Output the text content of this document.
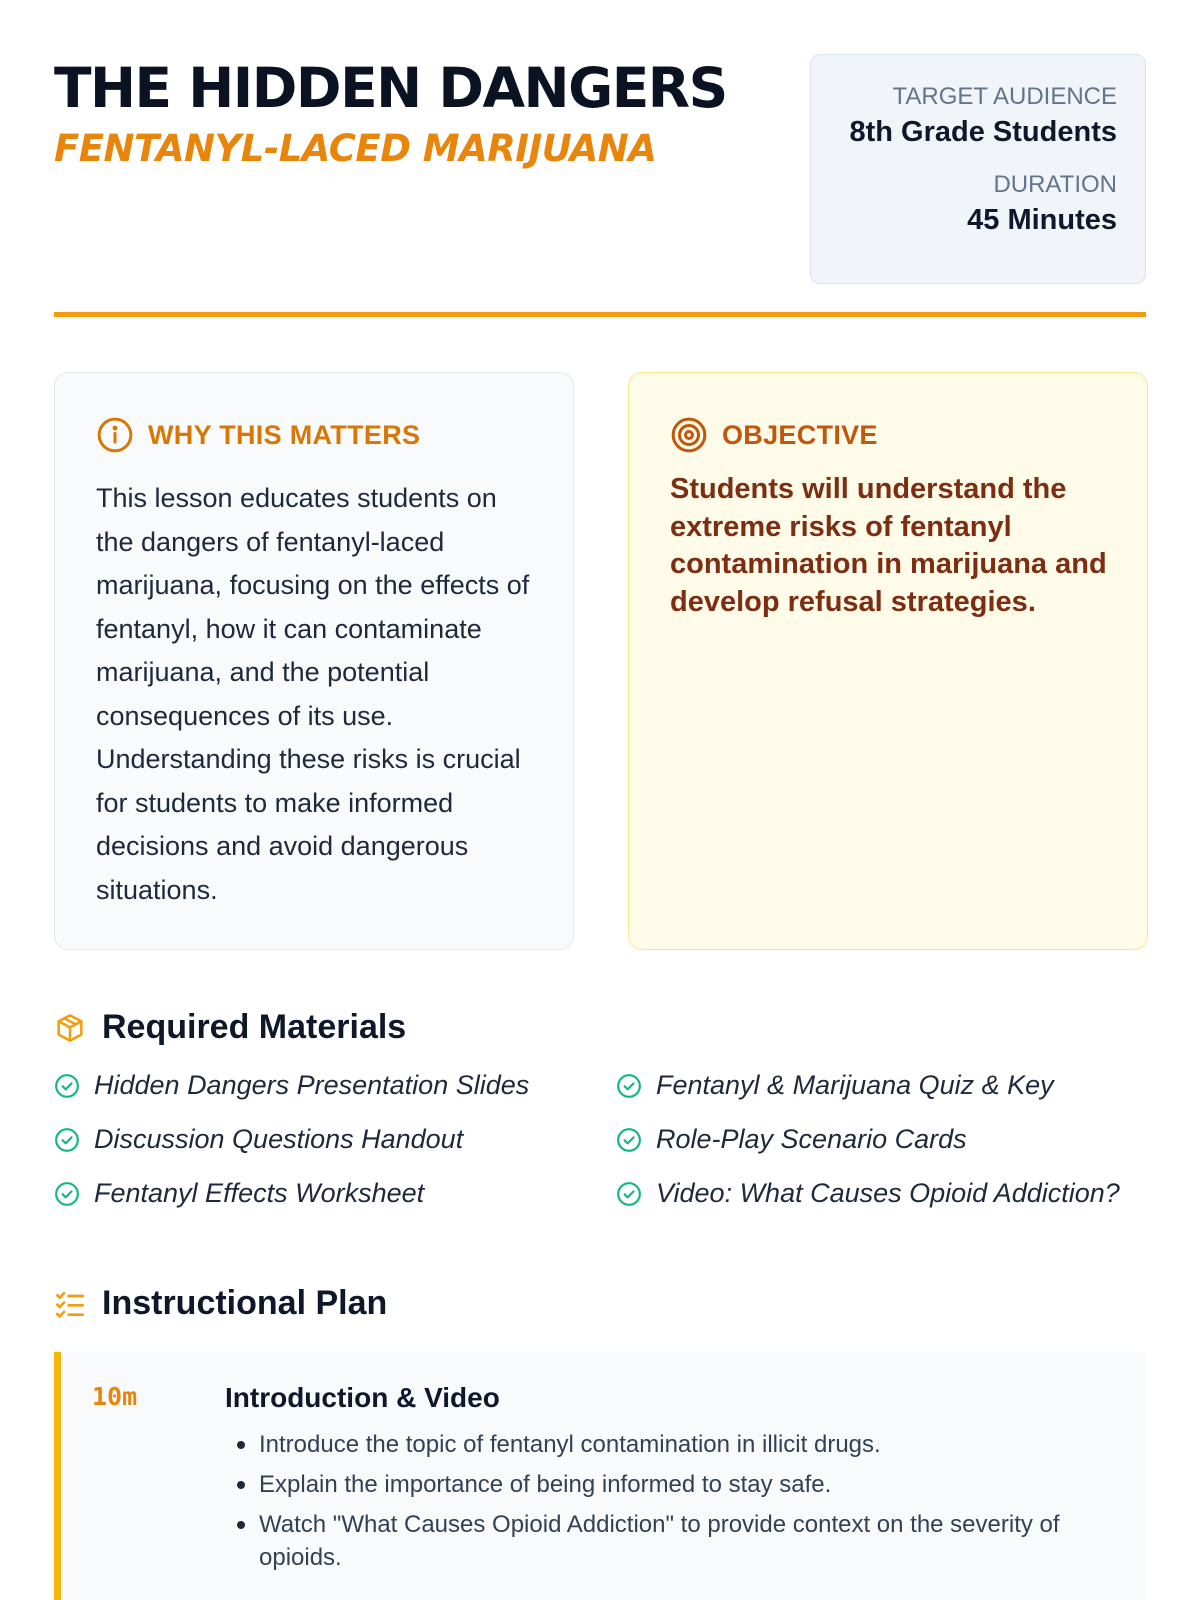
THE HIDDEN DANGERS
FENTANYL-LACED MARIJUANA
TARGET AUDIENCE
8th Grade Students
DURATION
45 Minutes
WHY THIS MATTERS

This lesson educates students on the dangers of fentanyl-laced marijuana, focusing on the effects of fentanyl, how it can contaminate marijuana, and the potential consequences of its use. Understanding these risks is crucial for students to make informed decisions and avoid dangerous situations.

OBJECTIVE

Students will understand the extreme risks of fentanyl contamination in marijuana and develop refusal strategies.

Required Materials
Hidden Dangers Presentation Slides	Fentanyl & Marijuana Quiz & Key
Discussion Questions Handout	Role-Play Scenario Cards
Fentanyl Effects Worksheet	Video: What Causes Opioid Addiction?
Instructional Plan
10m	Introduction & Video
Introduce the topic of fentanyl contamination in illicit drugs.
Explain the importance of being informed to stay safe.
Watch "What Causes Opioid Addiction" to provide context on the severity of opioids.
